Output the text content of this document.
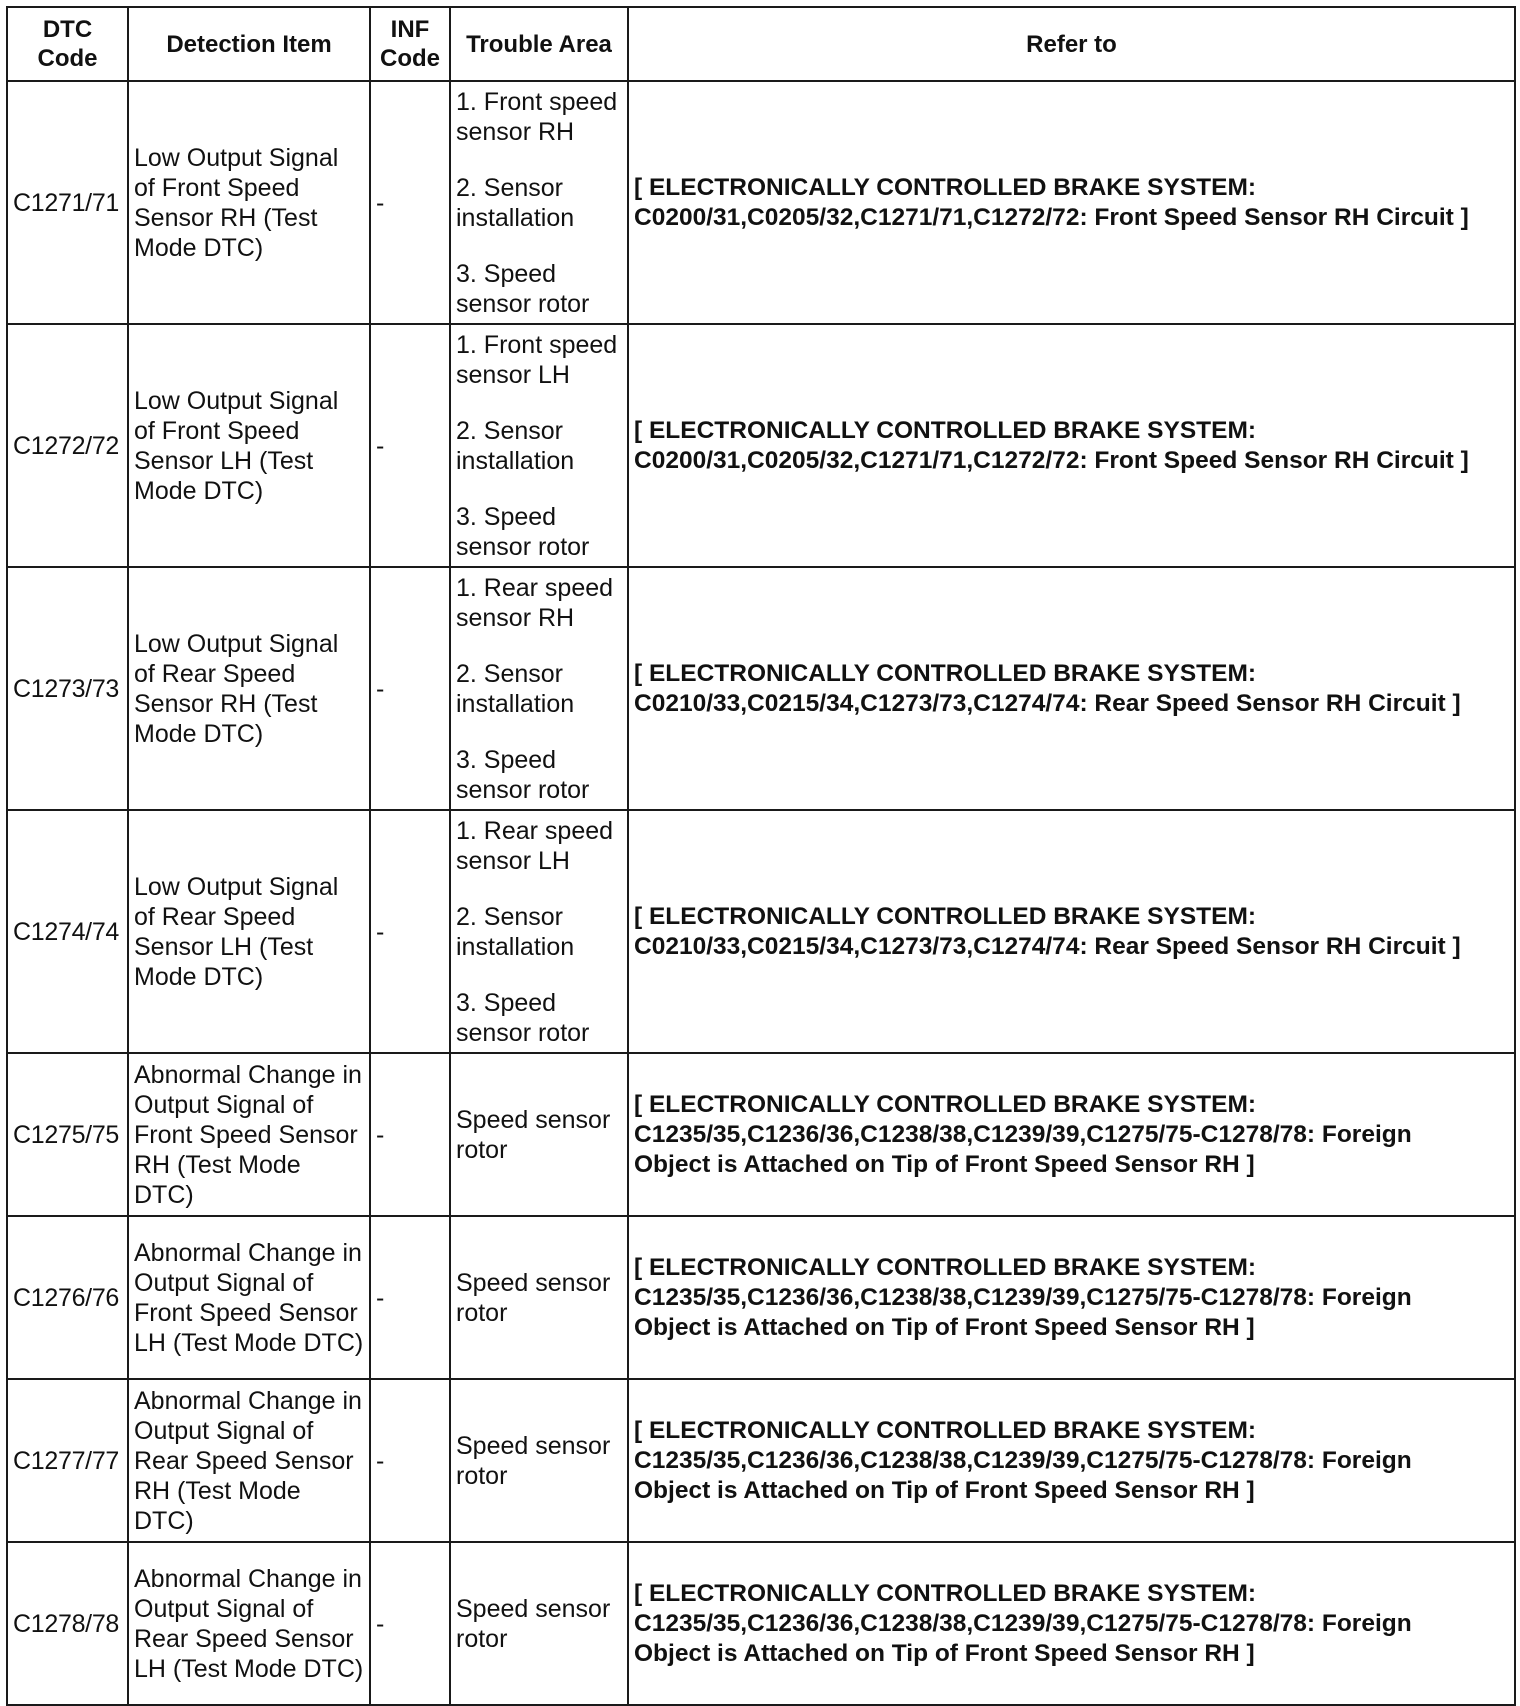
DTC Code	Detection Item	INF Code	Trouble Area	Refer to
C1271/71	Low Output Signal of Front Speed Sensor RH (Test Mode DTC)	-	1. Front speed sensor RH
2. Sensor installation
3. Speed sensor rotor	[ ELECTRONICALLY CONTROLLED BRAKE SYSTEM:
C0200/31,C0205/32,C1271/71,C1272/72: Front Speed Sensor RH Circuit ]

C1272/72	Low Output Signal of Front Speed Sensor LH (Test Mode DTC)	-	1. Front speed sensor LH
2. Sensor installation
3. Speed sensor rotor	[ ELECTRONICALLY CONTROLLED BRAKE SYSTEM:
C0200/31,C0205/32,C1271/71,C1272/72: Front Speed Sensor RH Circuit ]

C1273/73	Low Output Signal of Rear Speed Sensor RH (Test Mode DTC)	-	1. Rear speed sensor RH
2. Sensor installation
3. Speed sensor rotor	[ ELECTRONICALLY CONTROLLED BRAKE SYSTEM:
C0210/33,C0215/34,C1273/73,C1274/74: Rear Speed Sensor RH Circuit ]

C1274/74	Low Output Signal of Rear Speed Sensor LH (Test Mode DTC)	-	1. Rear speed sensor LH
2. Sensor installation
3. Speed sensor rotor	[ ELECTRONICALLY CONTROLLED BRAKE SYSTEM:
C0210/33,C0215/34,C1273/73,C1274/74: Rear Speed Sensor RH Circuit ]

C1275/75	Abnormal Change in Output Signal of Front Speed Sensor RH (Test Mode DTC)	-	Speed sensor rotor	[ ELECTRONICALLY CONTROLLED BRAKE SYSTEM:
C1235/35,C1236/36,C1238/38,C1239/39,C1275/75-C1278/78: Foreign
Object is Attached on Tip of Front Speed Sensor RH ]

C1276/76	Abnormal Change in Output Signal of Front Speed Sensor LH (Test Mode DTC)	-	Speed sensor rotor	[ ELECTRONICALLY CONTROLLED BRAKE SYSTEM:
C1235/35,C1236/36,C1238/38,C1239/39,C1275/75-C1278/78: Foreign
Object is Attached on Tip of Front Speed Sensor RH ]

C1277/77	Abnormal Change in Output Signal of Rear Speed Sensor RH (Test Mode DTC)	-	Speed sensor rotor	[ ELECTRONICALLY CONTROLLED BRAKE SYSTEM:
C1235/35,C1236/36,C1238/38,C1239/39,C1275/75-C1278/78: Foreign
Object is Attached on Tip of Front Speed Sensor RH ]

C1278/78	Abnormal Change in Output Signal of Rear Speed Sensor LH (Test Mode DTC)	-	Speed sensor rotor	[ ELECTRONICALLY CONTROLLED BRAKE SYSTEM:
C1235/35,C1236/36,C1238/38,C1239/39,C1275/75-C1278/78: Foreign
Object is Attached on Tip of Front Speed Sensor RH ]
